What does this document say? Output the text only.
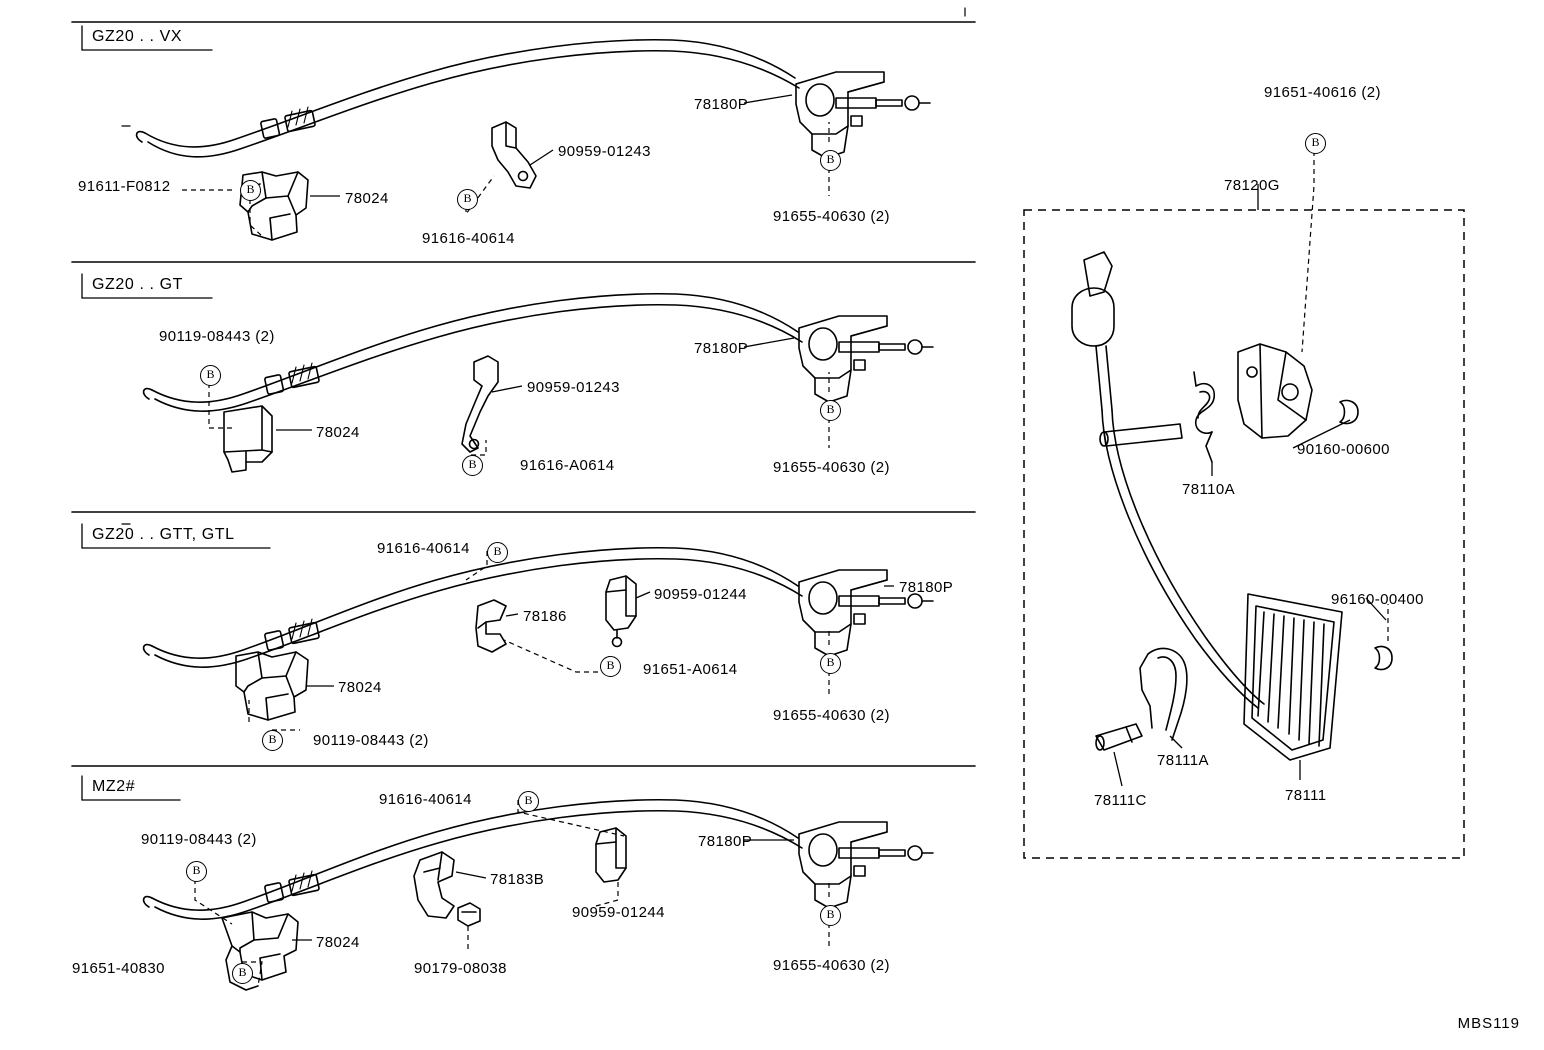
GZ20 . . VX
GZ20 . . GT
GZ20 . . GTT, GTL
MZ2#
91611-F0812
78024
90959-01243
91616-40614
78180P
91655-40630 (2)
90119-08443 (2)
78024
90959-01243
91616-A0614
78180P
91655-40630 (2)
91616-40614
90959-01244
78186
78180P
91651-A0614
78024
91655-40630 (2)
90119-08443 (2)
91616-40614
90119-08443 (2)
78183B
78180P
90959-01244
78024
90179-08038
91651-40830	91655-40630 (2)
91651-40616 (2)
78120G
90160-00600
78110A
96160-00400
78111A
78111C	78111
B
B
B
B
B
B
B
B
B	B
B
B
B
B
B
MBS119
